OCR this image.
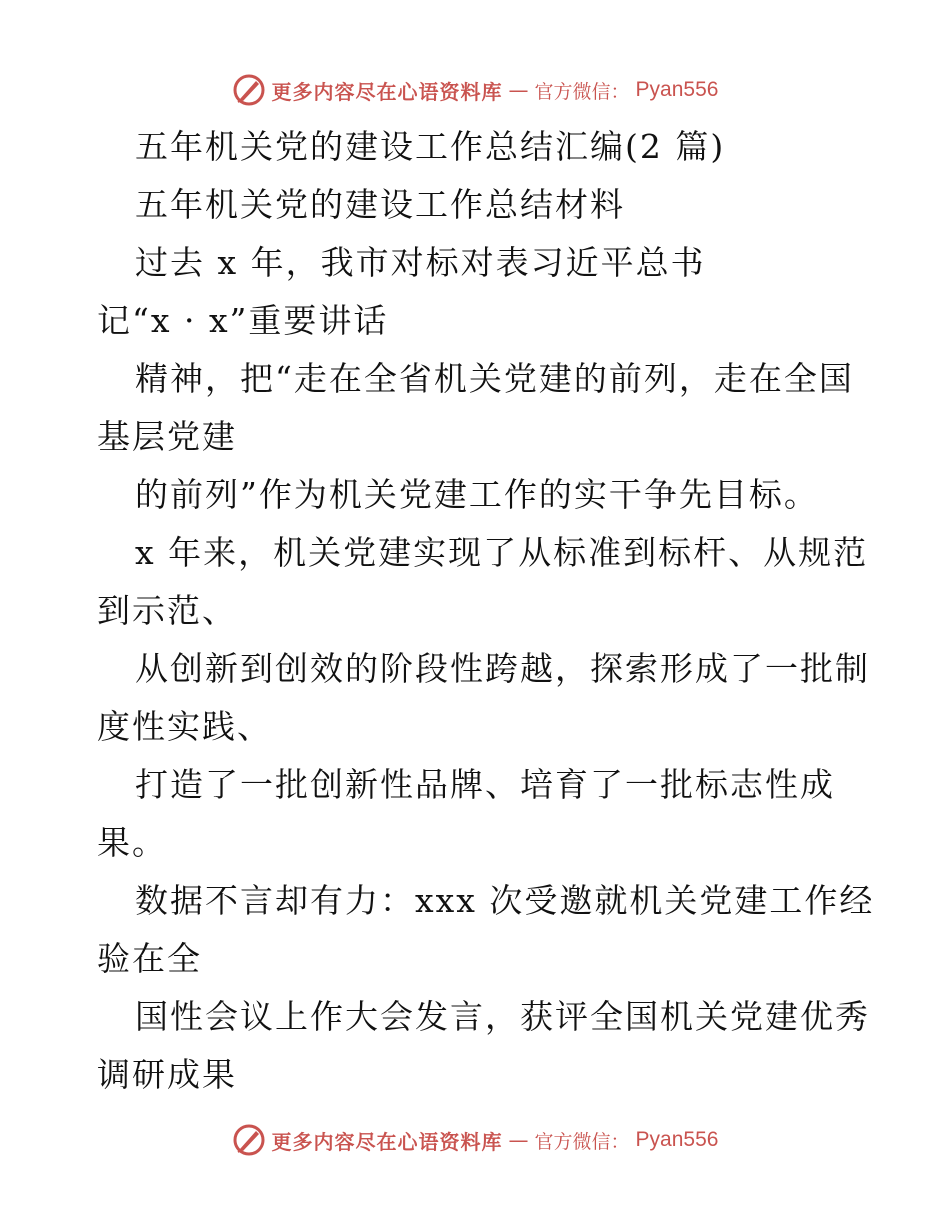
更多内容尽在心语资料库 — 官方微信： Pyan556
五年机关党的建设工作总结汇编(2 篇)
五年机关党的建设工作总结材料
过去 x 年，我市对标对表习近平总书
记“x · x”重要讲话
精神，把“走在全省机关党建的前列，走在全国
基层党建
的前列”作为机关党建工作的实干争先目标。
x 年来，机关党建实现了从标准到标杆、从规范
到示范、
从创新到创效的阶段性跨越，探索形成了一批制
度性实践、
打造了一批创新性品牌、培育了一批标志性成
果。
数据不言却有力：xxx 次受邀就机关党建工作经
验在全
国性会议上作大会发言，获评全国机关党建优秀
调研成果
更多内容尽在心语资料库 — 官方微信： Pyan556
